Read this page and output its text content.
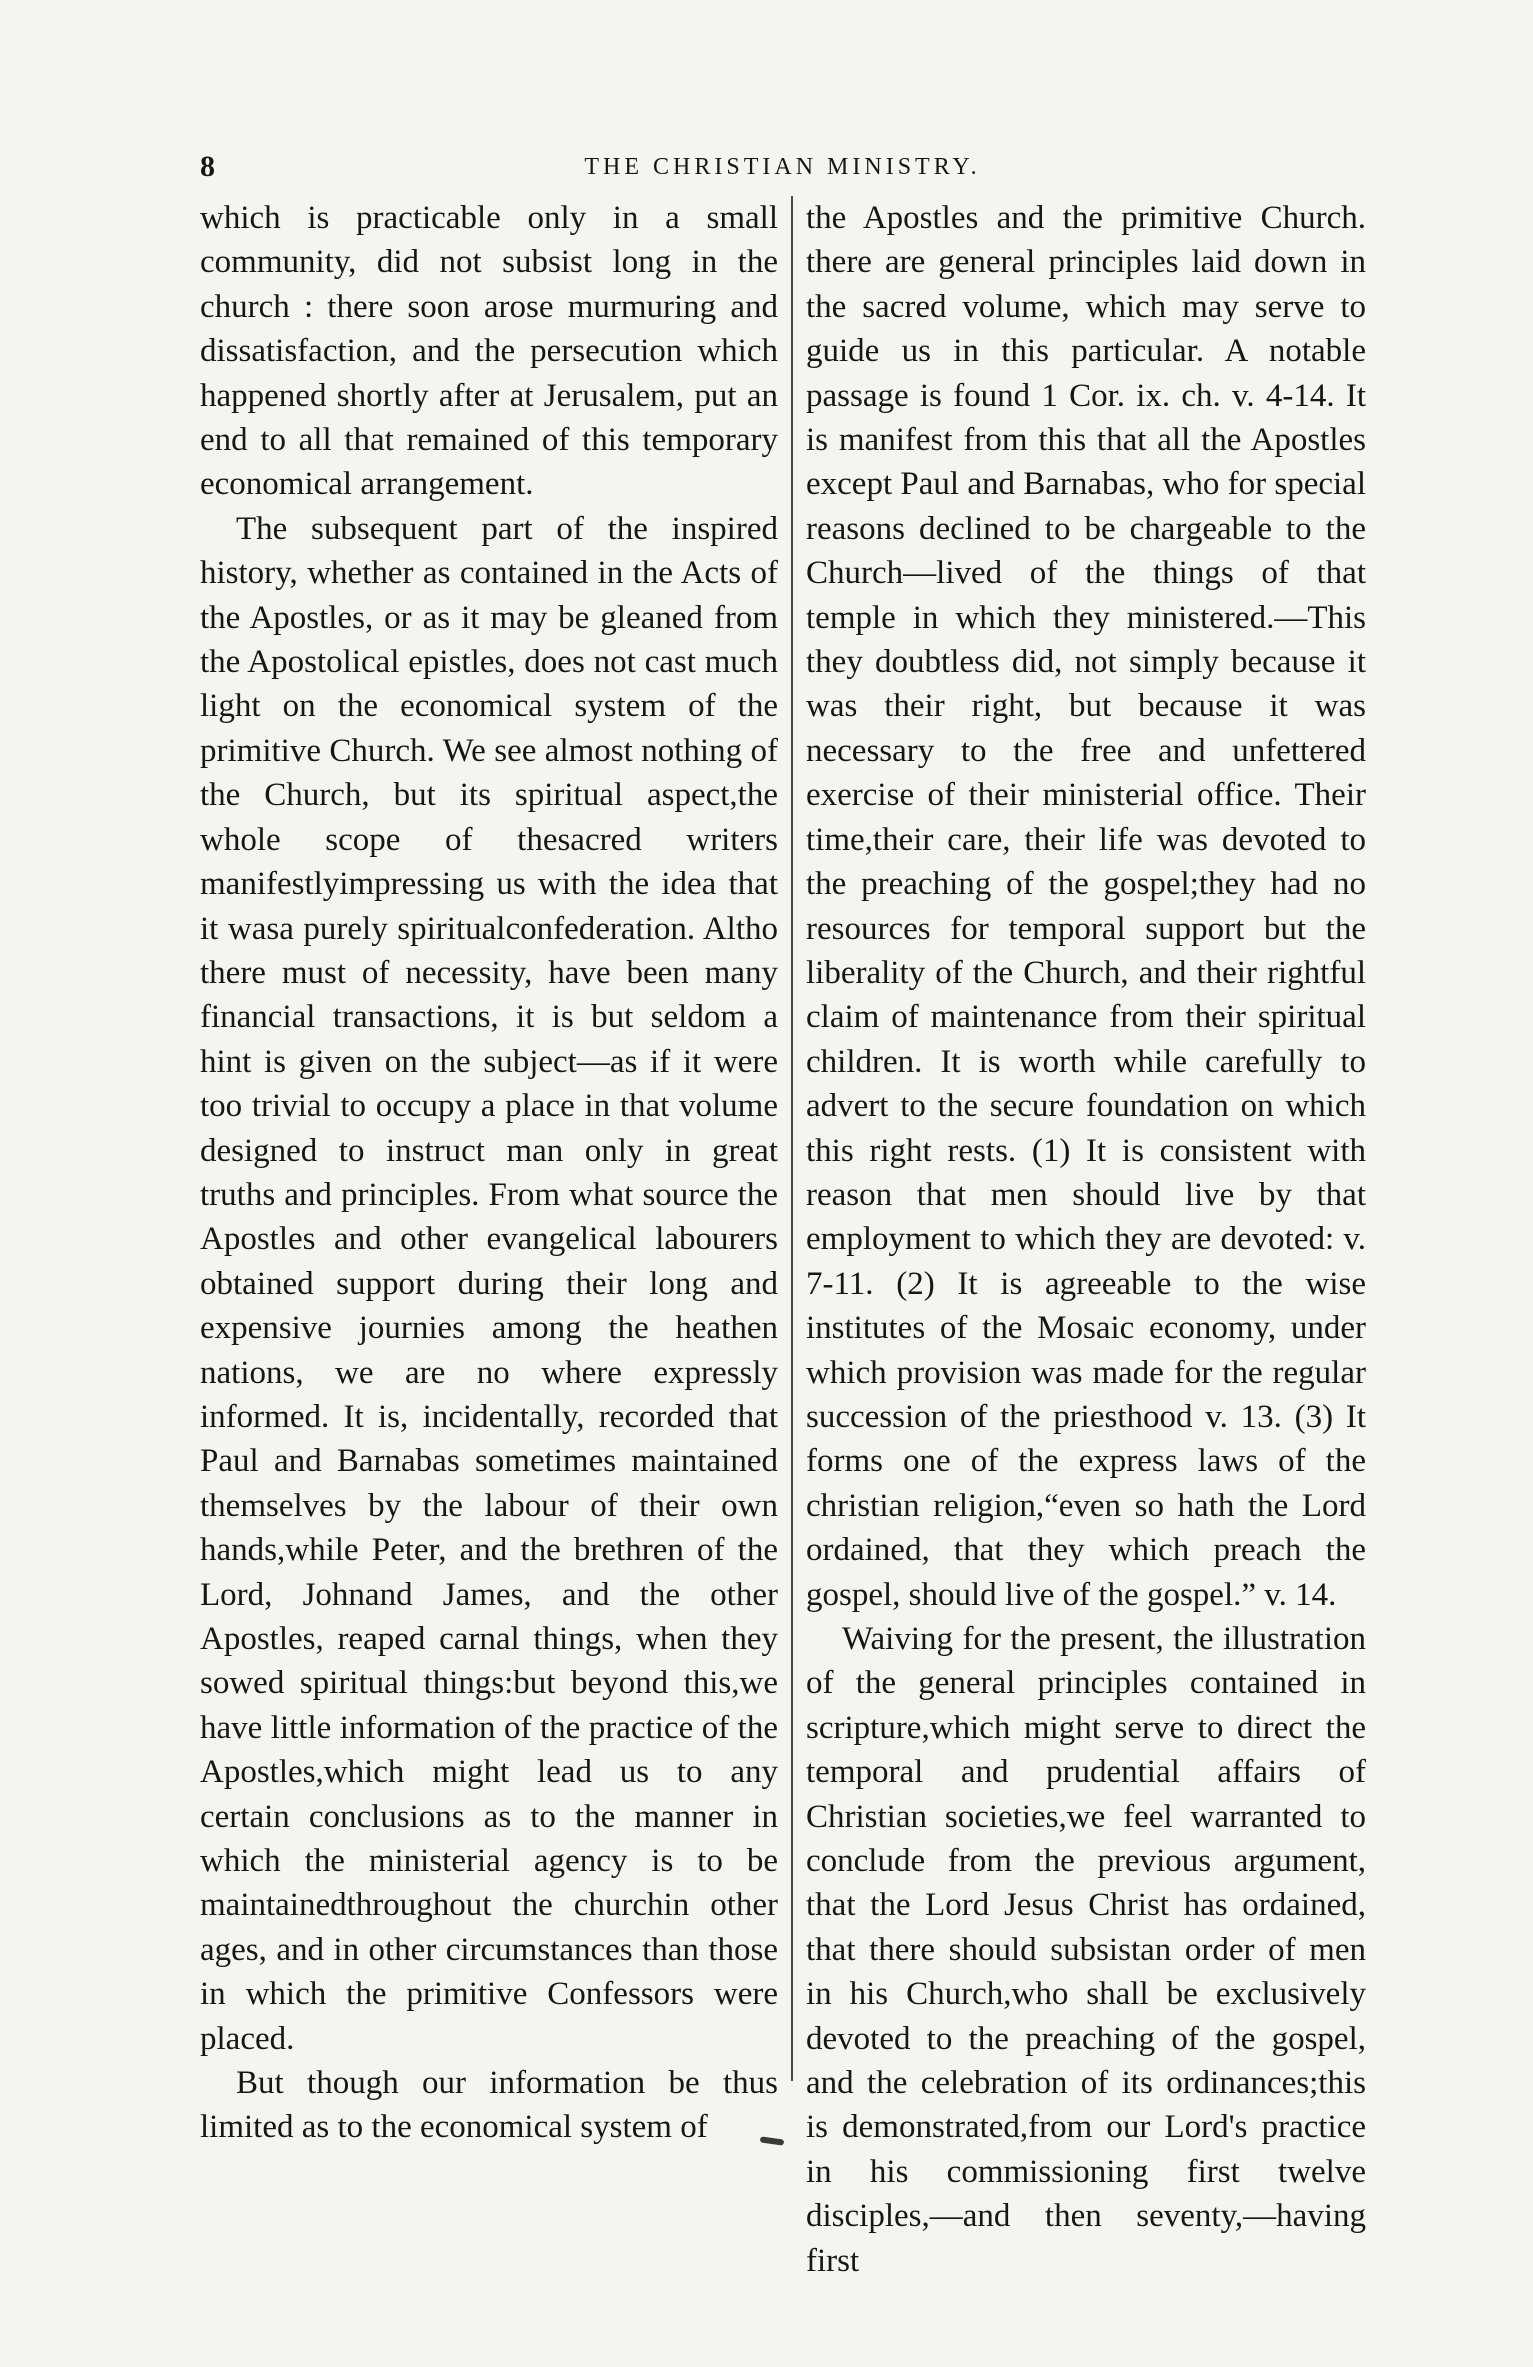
8	THE CHRISTIAN MINISTRY.

which is practicable only in a small community, did not subsist long in the church : there soon arose murmuring and dissatisfaction, and the persecution which happened shortly after at Jerusalem, put an end to all that remained of this temporary economical arrangement.

The subsequent part of the inspired history, whether as contained in the Acts of the Apostles, or as it may be gleaned from the Apostolical epistles, does not cast much light on the economical system of the primitive Church. We see almost nothing of the Church, but its spiritual aspect,the whole scope of thesacred writers manifestlyimpressing us with the idea that it wasa purely spiritualconfederation. Altho there must of necessity, have been many financial transactions, it is but seldom a hint is given on the subject—as if it were too trivial to occupy a place in that volume designed to instruct man only in great truths and principles. From what source the Apostles and other evangelical labourers obtained support during their long and expensive journies among the heathen nations, we are no where expressly informed. It is, incidentally, recorded that Paul and Barnabas sometimes maintained themselves by the labour of their own hands,while Peter, and the brethren of the Lord, Johnand James, and the other Apostles, reaped carnal things, when they sowed spiritual things:but beyond this,we have little information of the practice of the Apostles,which might lead us to any certain conclusions as to the manner in which the ministerial agency is to be maintainedthroughout the churchin other ages, and in other circumstances than those in which the primitive Confessors were placed.

But though our information be thus limited as to the economical system of

the Apostles and the primitive Church. there are general principles laid down in the sacred volume, which may serve to guide us in this particular. A notable passage is found 1 Cor. ix. ch. v. 4-14. It is manifest from this that all the Apostles except Paul and Barnabas, who for special reasons declined to be chargeable to the Church—lived of the things of that temple in which they ministered.—This they doubtless did, not simply because it was their right, but because it was necessary to the free and unfettered exercise of their ministerial office. Their time,their care, their life was devoted to the preaching of the gospel;they had no resources for temporal support but the liberality of the Church, and their rightful claim of maintenance from their spiritual children. It is worth while carefully to advert to the secure foundation on which this right rests. (1) It is consistent with reason that men should live by that employment to which they are devoted: v. 7-11. (2) It is agreeable to the wise institutes of the Mosaic economy, under which provision was made for the regular succession of the priesthood v. 13. (3) It forms one of the express laws of the christian religion,“even so hath the Lord ordained, that they which preach the gospel, should live of the gospel.” v. 14.

Waiving for the present, the illustration of the general principles contained in scripture,which might serve to direct the temporal and prudential affairs of Christian societies,we feel warranted to conclude from the previous argument, that the Lord Jesus Christ has ordained, that there should subsistan order of men in his Church,who shall be exclusively devoted to the preaching of the gospel, and the celebration of its ordinances;this is demonstrated,from our Lord's practice in his commissioning first twelve disciples,—and then seventy,—having first
